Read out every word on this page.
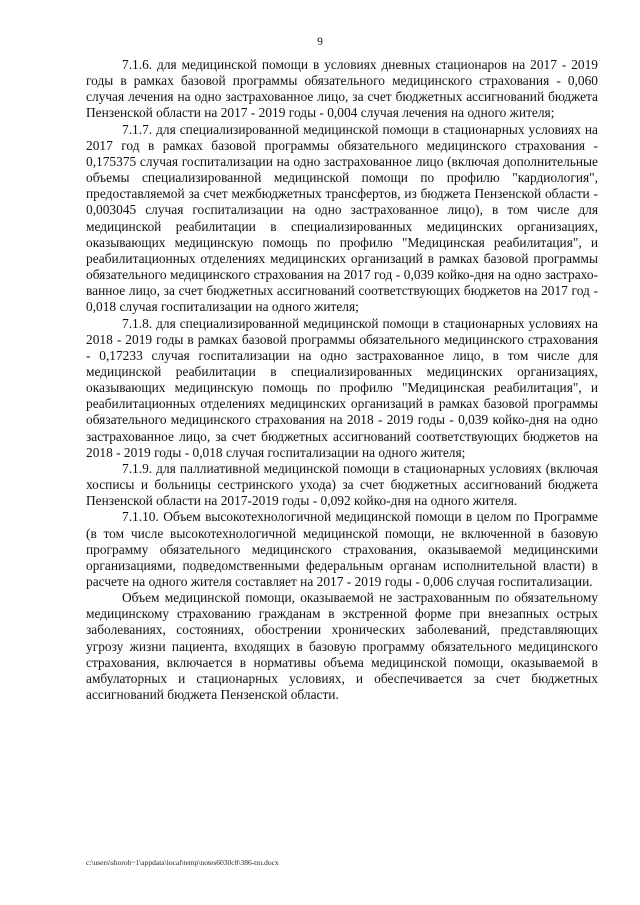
9

7.1.6. для медицинской помощи в условиях дневных стационаров на 2017 - 2019 годы в рамках базовой программы обязательного медицинского страхования - 0,060 случая лечения на одно застрахованное лицо, за счет бюджетных ассигнований бюджета Пензенской области на 2017 - 2019 годы - 0,004 случая лечения на одного жителя;

7.1.7. для специализированной медицинской помощи в стационарных условиях на 2017 год в рамках базовой программы обязательного медицинского страхования - 0,175375 случая госпитализации на одно застрахованное лицо (включая дополнительные объемы специализированной медицинской помощи по профилю "кардиология", предоставляемой за счет межбюджетных трансфертов, из бюджета Пензенской области - 0,003045 случая госпитализации на одно застрахованное лицо), в том числе для медицинской реабилитации в специализированных медицинских организациях, оказывающих медицинскую помощь по профилю "Медицинская реабилитация", и реабилитационных отделениях медицинских организаций в рамках базовой программы обязательного медицинского страхования на 2017 год - 0,039 койко-дня на одно застрахованное лицо, за счет бюджетных ассигнований соответствующих бюджетов на 2017 год - 0,018 случая госпитализации на одного жителя;

7.1.8. для специализированной медицинской помощи в стационарных условиях на 2018 - 2019 годы в рамках базовой программы обязательного медицинского страхования - 0,17233 случая госпитализации на одно застрахованное лицо, в том числе для медицинской реабилитации в специализированных медицинских организациях, оказывающих медицинскую помощь по профилю "Медицинская реабилитация", и реабилитационных отделениях медицинских организаций в рамках базовой программы обязательного медицинского страхования на 2018 - 2019 годы - 0,039 койко-дня на одно застрахованное лицо, за счет бюджетных ассигнований соответствующих бюджетов на 2018 - 2019 годы - 0,018 случая госпитализации на одного жителя;

7.1.9. для паллиативной медицинской помощи в стационарных условиях (включая хосписы и больницы сестринского ухода) за счет бюджетных ассигнований бюджета Пензенской области на 2017-2019 годы - 0,092 койко-дня на одного жителя.

7.1.10. Объем высокотехнологичной медицинской помощи в целом по Программе (в том числе высокотехнологичной медицинской помощи, не включенной в базовую программу обязательного медицинского страхования, оказываемой медицинскими организациями, подведомственными федеральным органам исполнительной власти) в расчете на одного жителя составляет на 2017 - 2019 годы - 0,006 случая госпитализации.

Объем медицинской помощи, оказываемой не застрахованным по обязательному медицинскому страхованию гражданам в экстренной форме при внезапных острых заболеваниях, состояниях, обострении хронических заболеваний, представляющих угрозу жизни пациента, входящих в базовую программу обязательного медицинского страхования, включается в нормативы объема медицинской помощи, оказываемой в амбулаторных и стационарных условиях, и обеспечивается за счет бюджетных ассигнований бюджета Пензенской области.

c:\users\shoroh~1\appdata\local\temp\notes6030c8\386-пп.docx
